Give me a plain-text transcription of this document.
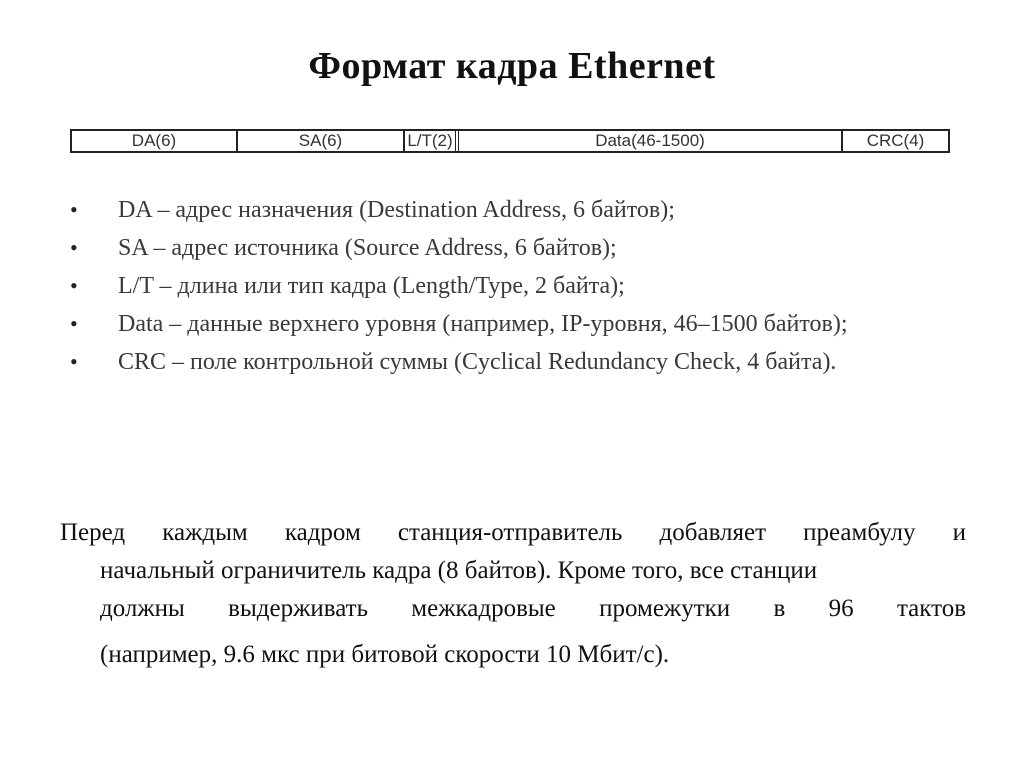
Формат кадра Ethernet
DA(6)	SA(6)	L/T(2)	Data(46-1500)	CRC(4)
• DA – адрес назначения (Destination Address, 6 байтов);
• SA – адрес источника (Source Address, 6 байтов);
• L/T – длина или тип кадра (Length/Type, 2 байта);
• Data – данные верхнего уровня (например, IP-уровня, 46–1500 байтов);
• CRC – поле контрольной суммы (Cyclical Redundancy Check, 4 байта).
Перед каждым кадром станция-отправитель добавляет преамбулу и
начальный ограничитель кадра (8 байтов). Кроме того, все станции
должны выдерживать межкадровые промежутки в 96 тактов
(например, 9.6 мкс при битовой скорости 10 Мбит/с).
